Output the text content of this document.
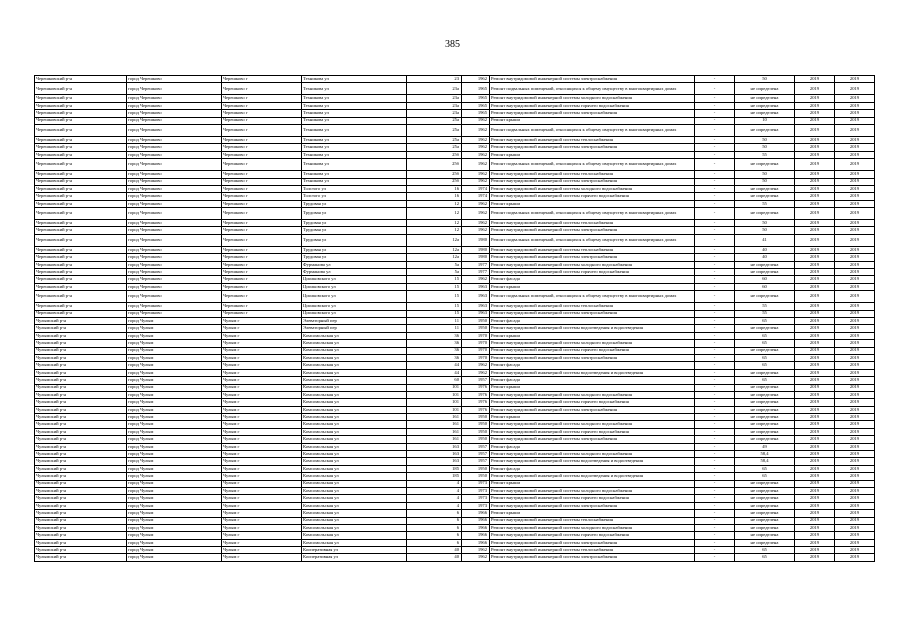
385
Черешковский р-н	город Черешково	Черешково г	Техникова ул	23	1962	Ремонт внутридомовой инженерной системы электроснабжения	-	50	2019	2019
Черешковский р-н	город Черешково	Черешково г	Техникова ул	23а	1965	Ремонт подвальных помещений, относящихся к общему имуществу в многоквартирных домах	-	не определена	2019	2019
Черешковский р-н	город Черешково	Черешково г	Техникова ул	23а	1965	Ремонт внутридомовой инженерной системы холодного водоснабжения	-	не определена	2019	2019
Черешковский р-н	город Черешково	Черешково г	Техникова ул	23а	1965	Ремонт внутридомовой инженерной системы горячего водоснабжения	-	не определена	2019	2019
Черешковский р-н	город Черешково	Черешково г	Техникова ул	23а	1965	Ремонт внутридомовой инженерной системы электроснабжения	-	не определена	2019	2019
Черешковский р-н	город Черешково	Черешково г	Техникова ул	25а	1962	Ремонт крыши	-	10	2019	2019
Черешковский р-н	город Черешково	Черешково г	Техникова ул	25а	1962	Ремонт подвальных помещений, относящихся к общему имуществу в многоквартирных домах	-	не определена	2019	2019
Черешковский р-н	город Черешково	Черешково г	Техникова ул	25а	1962	Ремонт внутридомовой инженерной системы теплоснабжения	-	50	2019	2019
Черешковский р-н	город Черешково	Черешково г	Техникова ул	25а	1962	Ремонт внутридомовой инженерной системы электроснабжения	-	50	2019	2019
Черешковский р-н	город Черешково	Черешково г	Техникова ул	25б	1962	Ремонт крыши	-	55	2019	2019
Черешковский р-н	город Черешково	Черешково г	Техникова ул	25б	1962	Ремонт подвальных помещений, относящихся к общему имуществу в многоквартирных домах	-	не определена	2019	2019
Черешковский р-н	город Черешково	Черешково г	Техникова ул	25б	1962	Ремонт внутридомовой инженерной системы теплоснабжения	-	50	2019	2019
Черешковский р-н	город Черешково	Черешково г	Техникова ул	25б	1962	Ремонт внутридомовой инженерной системы электроснабжения	-	50	2019	2019
Черешковский р-н	город Черешково	Черешково г	Толстого ул	16	1974	Ремонт внутридомовой инженерной системы холодного водоснабжения	-	не определена	2019	2019
Черешковский р-н	город Черешково	Черешково г	Толстого ул	16	1974	Ремонт внутридомовой инженерной системы горячего водоснабжения	-	не определена	2019	2019
Черешковский р-н	город Черешково	Черешково г	Трудовая ул	12	1962	Ремонт крыши	-	55	2019	2019
Черешковский р-н	город Черешково	Черешково г	Трудовая ул	12	1962	Ремонт подвальных помещений, относящихся к общему имуществу в многоквартирных домах	-	не определена	2019	2019
Черешковский р-н	город Черешково	Черешково г	Трудовая ул	12	1962	Ремонт внутридомовой инженерной системы теплоснабжения	-	50	2019	2019
Черешковский р-н	город Черешково	Черешково г	Трудовая ул	12	1962	Ремонт внутридомовой инженерной системы электроснабжения	-	50	2019	2019
Черешковский р-н	город Черешково	Черешково г	Трудовая ул	12а	1980	Ремонт подвальных помещений, относящихся к общему имуществу в многоквартирных домах	-	41	2019	2019
Черешковский р-н	город Черешково	Черешково г	Трудовая ул	12а	1980	Ремонт внутридомовой инженерной системы теплоснабжения	-	40	2019	2019
Черешковский р-н	город Черешково	Черешково г	Трудовая ул	12а	1980	Ремонт внутридомовой инженерной системы электроснабжения	-	40	2019	2019
Черешковский р-н	город Черешково	Черешково г	Фурманова ул	5а	1977	Ремонт внутридомовой инженерной системы холодного водоснабжения	-	не определена	2019	2019
Черешковский р-н	город Черешково	Черешково г	Фурманова ул	5а	1977	Ремонт внутридомовой инженерной системы горячего водоснабжения	-	не определена	2019	2019
Черешковский р-н	город Черешково	Черешково г	Циолковского ул	15	1962	Ремонт фасада	-	60	2019	2019
Черешковский р-н	город Черешково	Черешково г	Циолковского ул	15	1963	Ремонт крыши	-	60	2019	2019
Черешковский р-н	город Черешково	Черешково г	Циолковского ул	15	1963	Ремонт подвальных помещений, относящихся к общему имуществу в многоквартирных домах	-	не определена	2019	2019
Черешковский р-н	город Черешково	Черешково г	Циолковского ул	15	1963	Ремонт внутридомовой инженерной системы теплоснабжения	-	55	2019	2019
Черешковский р-н	город Черешково	Черешково г	Циолковского ул	15	1963	Ремонт внутридомовой инженерной системы электроснабжения	-	55	2019	2019
Чулымский р-н	город Чулым	Чулым г	Элеваторный пер	11	1950	Ремонт фасада	-	65	2019	2019
Чулымский р-н	город Чулым	Чулым г	Элеваторный пер	11	1950	Ремонт внутридомовой инженерной системы водоотведения и водоотведения	-	не определена	2019	2019
Чулымский р-н	город Чулым	Чулым г	Комсомольская ул	36	1970	Ремонт крыши	-	65	2019	2019
Чулымский р-н	город Чулым	Чулым г	Комсомольская ул	36	1970	Ремонт внутридомовой инженерной системы холодного водоснабжения	-	65	2019	2019
Чулымский р-н	город Чулым	Чулым г	Комсомольская ул	36	1970	Ремонт внутридомовой инженерной системы горячего водоснабжения	-	не определена	2019	2019
Чулымский р-н	город Чулым	Чулым г	Комсомольская ул	36	1970	Ремонт внутридомовой инженерной системы электроснабжения	-	65	2019	2019
Чулымский р-н	город Чулым	Чулым г	Комсомольская ул	44	1962	Ремонт фасада	-	65	2019	2019
Чулымский р-н	город Чулым	Чулым г	Комсомольская ул	44	1962	Ремонт внутридомовой инженерной системы водоотведения и водоотведения	-	не определена	2019	2019
Чулымский р-н	город Чулым	Чулым г	Комсомольская ул	60	1957	Ремонт фасада	-	65	2019	2019
Чулымский р-н	город Чулым	Чулым г	Комсомольская ул	101	1976	Ремонт крыши	-	не определена	2019	2019
Чулымский р-н	город Чулым	Чулым г	Комсомольская ул	101	1976	Ремонт внутридомовой инженерной системы холодного водоснабжения	-	не определена	2019	2019
Чулымский р-н	город Чулым	Чулым г	Комсомольская ул	101	1976	Ремонт внутридомовой инженерной системы горячего водоснабжения	-	не определена	2019	2019
Чулымский р-н	город Чулым	Чулым г	Комсомольская ул	101	1976	Ремонт внутридомовой инженерной системы электроснабжения	-	не определена	2019	2019
Чулымский р-н	город Чулым	Чулым г	Комсомольская ул	161	1950	Ремонт крыши	-	не определена	2019	2019
Чулымский р-н	город Чулым	Чулым г	Комсомольская ул	161	1950	Ремонт внутридомовой инженерной системы холодного водоснабжения	-	не определена	2019	2019
Чулымский р-н	город Чулым	Чулым г	Комсомольская ул	161	1950	Ремонт внутридомовой инженерной системы горячего водоснабжения	-	не определена	2019	2019
Чулымский р-н	город Чулым	Чулым г	Комсомольская ул	161	1950	Ремонт внутридомовой инженерной системы электроснабжения	-	не определена	2019	2019
Чулымский р-н	город Чулым	Чулым г	Комсомольская ул	163	1957	Ремонт фасада	-	49	2019	2019
Чулымский р-н	город Чулым	Чулым г	Комсомольская ул	163	1957	Ремонт внутридомовой инженерной системы холодного водоснабжения	-	58,4	2019	2019
Чулымский р-н	город Чулым	Чулым г	Комсомольская ул	163	1957	Ремонт внутридомовой инженерной системы водоотведения и водоотведения	-	58,4	2019	2019
Чулымский р-н	город Чулым	Чулым г	Комсомольская ул	185	1950	Ремонт фасада	-	65	2019	2019
Чулымский р-н	город Чулым	Чулым г	Комсомольская ул	185	1950	Ремонт внутридомовой инженерной системы водоотведения и водоотведения	-	65	2019	2019
Чулымский р-н	город Чулым	Чулым г	Комсомольская ул	4	1973	Ремонт крыши	-	не определена	2019	2019
Чулымский р-н	город Чулым	Чулым г	Комсомольская ул	4	1973	Ремонт внутридомовой инженерной системы холодного водоснабжения	-	не определена	2019	2019
Чулымский р-н	город Чулым	Чулым г	Комсомольская ул	4	1973	Ремонт внутридомовой инженерной системы горячего водоснабжения	-	не определена	2019	2019
Чулымский р-н	город Чулым	Чулым г	Комсомольская ул	4	1973	Ремонт внутридомовой инженерной системы электроснабжения	-	не определена	2019	2019
Чулымский р-н	город Чулым	Чулым г	Комсомольская ул	6	1966	Ремонт крыши	-	не определена	2019	2019
Чулымский р-н	город Чулым	Чулым г	Комсомольская ул	6	1966	Ремонт внутридомовой инженерной системы теплоснабжения	-	не определена	2019	2019
Чулымский р-н	город Чулым	Чулым г	Комсомольская ул	6	1966	Ремонт внутридомовой инженерной системы холодного водоснабжения	-	не определена	2019	2019
Чулымский р-н	город Чулым	Чулым г	Комсомольская ул	6	1966	Ремонт внутридомовой инженерной системы горячего водоснабжения	-	не определена	2019	2019
Чулымский р-н	город Чулым	Чулым г	Комсомольская ул	6	1966	Ремонт внутридомовой инженерной системы электроснабжения	-	не определена	2019	2019
Чулымский р-н	город Чулым	Чулым г	Кооперативная ул	40	1962	Ремонт внутридомовой инженерной системы теплоснабжения	-	65	2019	2019
Чулымский р-н	город Чулым	Чулым г	Кооперативная ул	40	1962	Ремонт внутридомовой инженерной системы электроснабжения	-	65	2019	2019
